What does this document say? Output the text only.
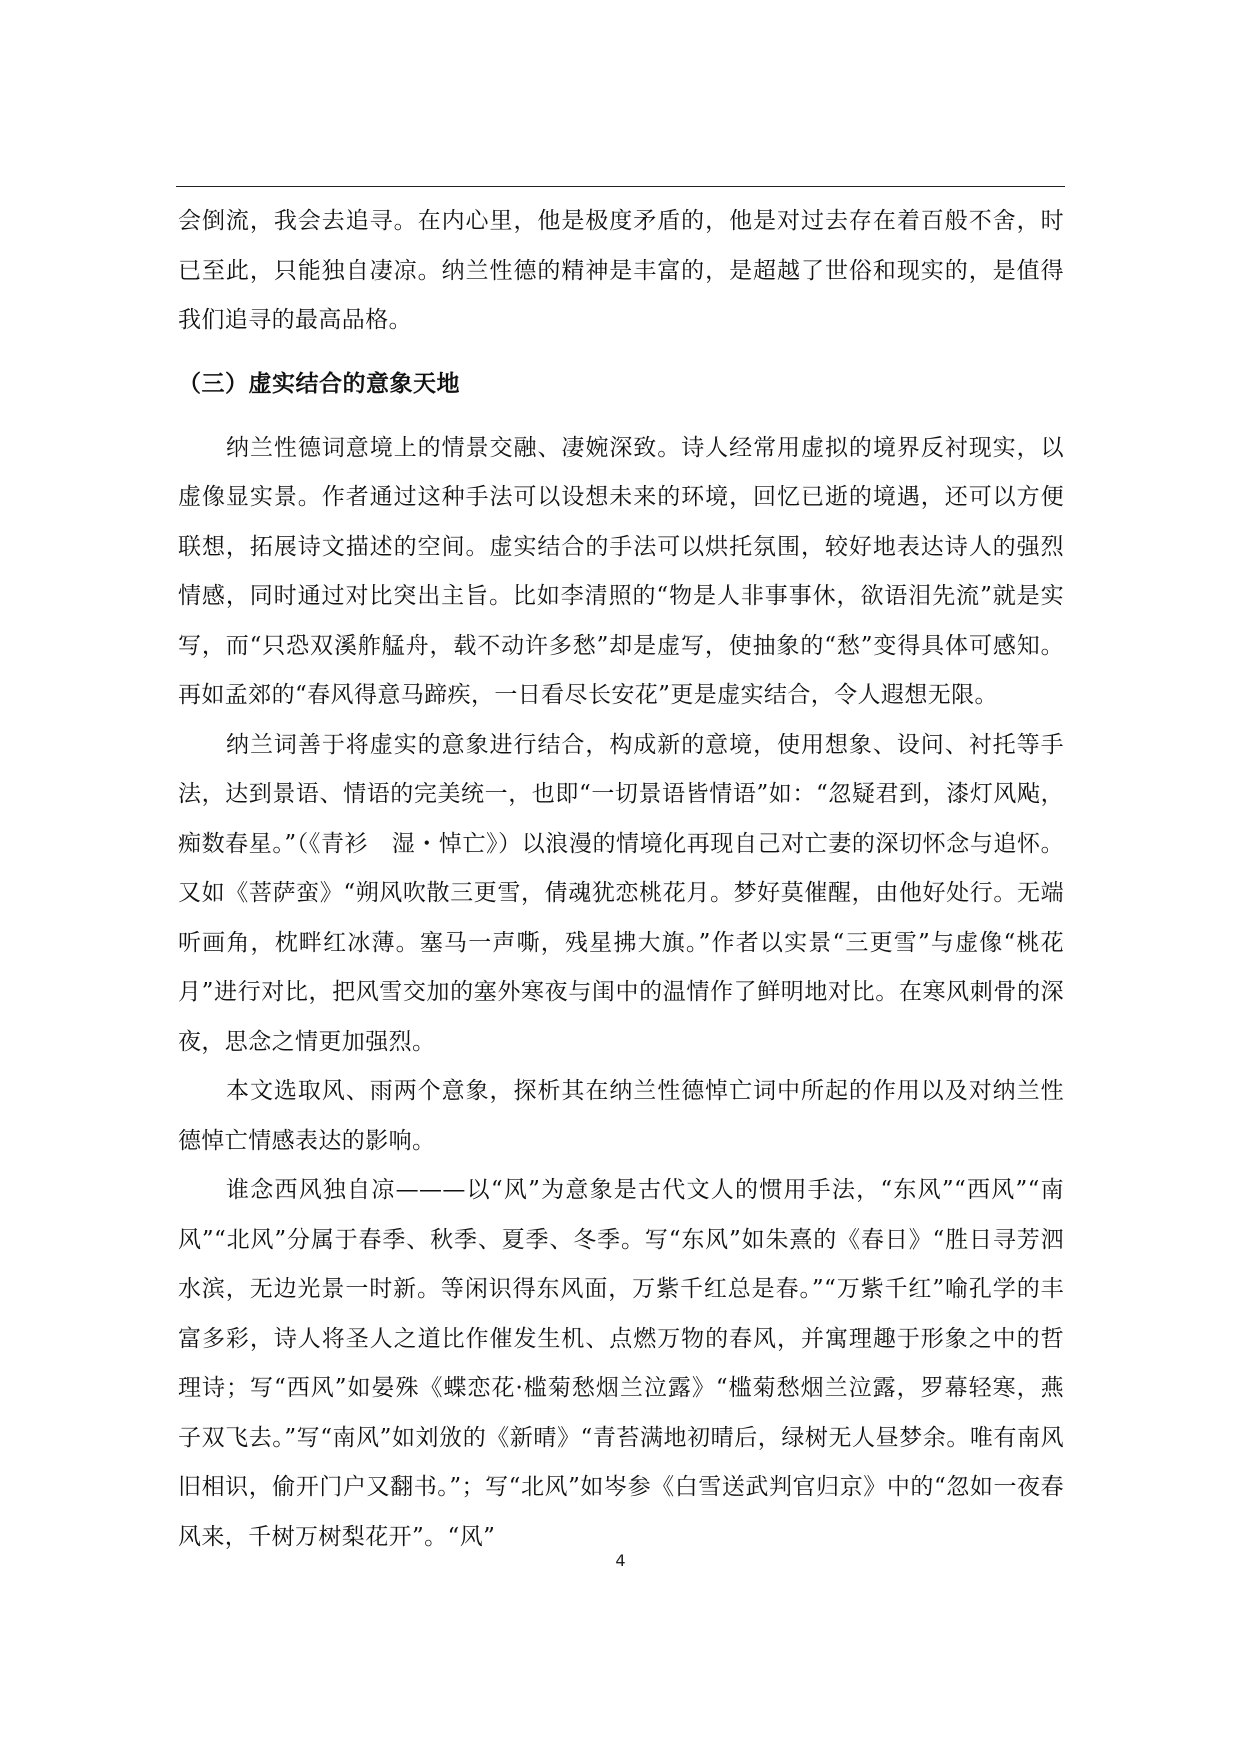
会倒流，我会去追寻。在内心里，他是极度矛盾的，他是对过去存在着百般不舍，时已至此，只能独自凄凉。纳兰性德的精神是丰富的，是超越了世俗和现实的，是值得我们追寻的最高品格。

（三）虚实结合的意象天地

纳兰性德词意境上的情景交融、凄婉深致。诗人经常用虚拟的境界反衬现实，以虚像显实景。作者通过这种手法可以设想未来的环境，回忆已逝的境遇，还可以方便联想，拓展诗文描述的空间。虚实结合的手法可以烘托氛围，较好地表达诗人的强烈情感，同时通过对比突出主旨。比如李清照的“物是人非事事休，欲语泪先流”就是实写，而“只恐双溪舴艋舟，载不动许多愁”却是虚写，使抽象的“愁”变得具体可感知。再如孟郊的“春风得意马蹄疾，一日看尽长安花”更是虚实结合，令人遐想无限。

纳兰词善于将虚实的意象进行结合，构成新的意境，使用想象、设问、衬托等手法，达到景语、情语的完美统一，也即“一切景语皆情语”如：“忽疑君到，漆灯风飐，痴数春星。”（《青衫　湿・悼亡》）以浪漫的情境化再现自己对亡妻的深切怀念与追怀。又如《菩萨蛮》“朔风吹散三更雪，倩魂犹恋桃花月。梦好莫催醒，由他好处行。无端听画角，枕畔红冰薄。塞马一声嘶，残星拂大旗。”作者以实景“三更雪”与虚像“桃花月”进行对比，把风雪交加的塞外寒夜与闺中的温情作了鲜明地对比。在寒风刺骨的深夜，思念之情更加强烈。

本文选取风、雨两个意象，探析其在纳兰性德悼亡词中所起的作用以及对纳兰性德悼亡情感表达的影响。

谁念西风独自凉———以“风”为意象是古代文人的惯用手法，“东风”“西风”“南风”“北风”分属于春季、秋季、夏季、冬季。写“东风”如朱熹的《春日》“胜日寻芳泗水滨，无边光景一时新。等闲识得东风面，万紫千红总是春。”“万紫千红”喻孔学的丰富多彩，诗人将圣人之道比作催发生机、点燃万物的春风，并寓理趣于形象之中的哲理诗；写“西风”如晏殊《蝶恋花·槛菊愁烟兰泣露》“槛菊愁烟兰泣露，罗幕轻寒，燕子双飞去。”写“南风”如刘攽的《新晴》“青苔满地初晴后，绿树无人昼梦余。唯有南风旧相识，偷开门户又翻书。”；写“北风”如岑参《白雪送武判官归京》中的“忽如一夜春风来，千树万树梨花开”。“风”

4
